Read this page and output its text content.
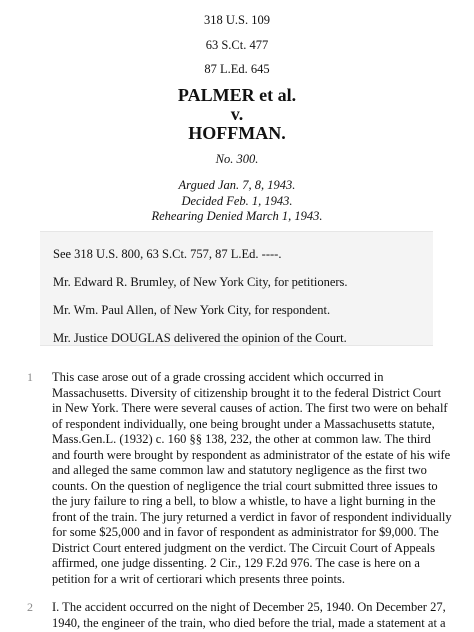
318 U.S. 109
63 S.Ct. 477
87 L.Ed. 645
PALMER et al.
v.
HOFFMAN.
No. 300.
Argued Jan. 7, 8, 1943.
Decided Feb. 1, 1943.
Rehearing Denied March 1, 1943.
See 318 U.S. 800, 63 S.Ct. 757, 87 L.Ed. ----.
Mr. Edward R. Brumley, of New York City, for petitioners.
Mr. Wm. Paul Allen, of New York City, for respondent.
Mr. Justice DOUGLAS delivered the opinion of the Court.
1 This case arose out of a grade crossing accident which occurred in
Massachusetts. Diversity of citizenship brought it to the federal District Court
in New York. There were several causes of action. The first two were on behalf
of respondent individually, one being brought under a Massachusetts statute,
Mass.Gen.L. (1932) c. 160 §§ 138, 232, the other at common law. The third
and fourth were brought by respondent as administrator of the estate of his wife
and alleged the same common law and statutory negligence as the first two
counts. On the question of negligence the trial court submitted three issues to
the jury failure to ring a bell, to blow a whistle, to have a light burning in the
front of the train. The jury returned a verdict in favor of respondent individually
for some $25,000 and in favor of respondent as administrator for $9,000. The
District Court entered judgment on the verdict. The Circuit Court of Appeals
affirmed, one judge dissenting. 2 Cir., 129 F.2d 976. The case is here on a
petition for a writ of certiorari which presents three points.
2 I. The accident occurred on the night of December 25, 1940. On December 27,
1940, the engineer of the train, who died before the trial, made a statement at a
